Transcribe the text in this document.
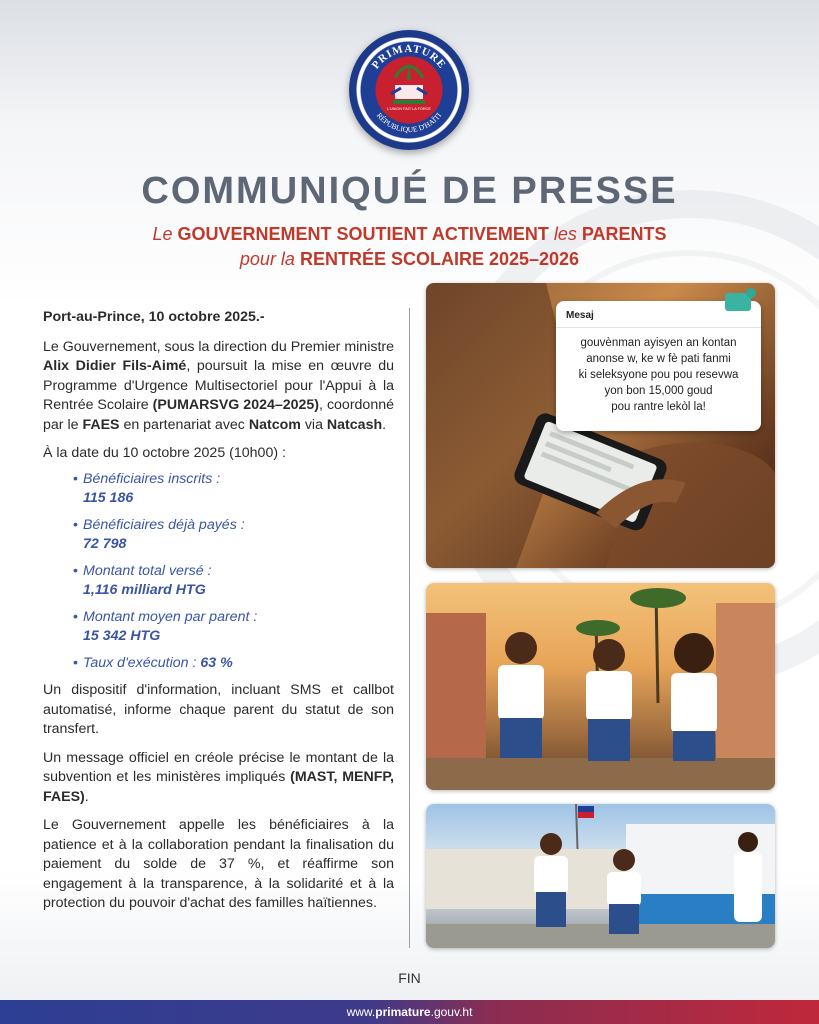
PRIMATURE
RÉPUBLIQUE D'HAÏTI
L'UNION FAIT LA FORCE
COMMUNIQUÉ DE PRESSE

Le GOUVERNEMENT SOUTIENT ACTIVEMENT les PARENTS

pour la RENTRÉE SCOLAIRE 2025–2026

Port-au-Prince, 10 octobre 2025.-

Le Gouvernement, sous la direction du Premier ministre Alix Didier Fils-Aimé, poursuit la mise en œuvre du Programme d'Urgence Multisectoriel pour l'Appui à la Rentrée Scolaire (PUMARSVG 2024–2025), coordonné par le FAES en partenariat avec Natcom via Natcash.

À la date du 10 octobre 2025 (10h00) :

• Bénéficiaires inscrits :
115 186
• Bénéficiaires déjà payés :
72 798
• Montant total versé :
1,116 milliard HTG
• Montant moyen par parent :
15 342 HTG
• Taux d'exécution : 63 %

Un dispositif d'information, incluant SMS et callbot automatisé, informe chaque parent du statut de son transfert.

Un message officiel en créole précise le montant de la subvention et les ministères impliqués (MAST, MENFP, FAES).

Le Gouvernement appelle les bénéficiaires à la patience et à la collaboration pendant la finalisation du paiement du solde de 37 %, et réaffirme son engagement à la transparence, à la solidarité et à la protection du pouvoir d'achat des familles haïtiennes.

Mesaj
gouvènman ayisyen an kontan
anonse w, ke w fè pati fanmi
ki seleksyone pou pou resevwa
yon bon 15,000 goud
pou rantre lekòl la!
FIN
www.primature.gouv.ht
